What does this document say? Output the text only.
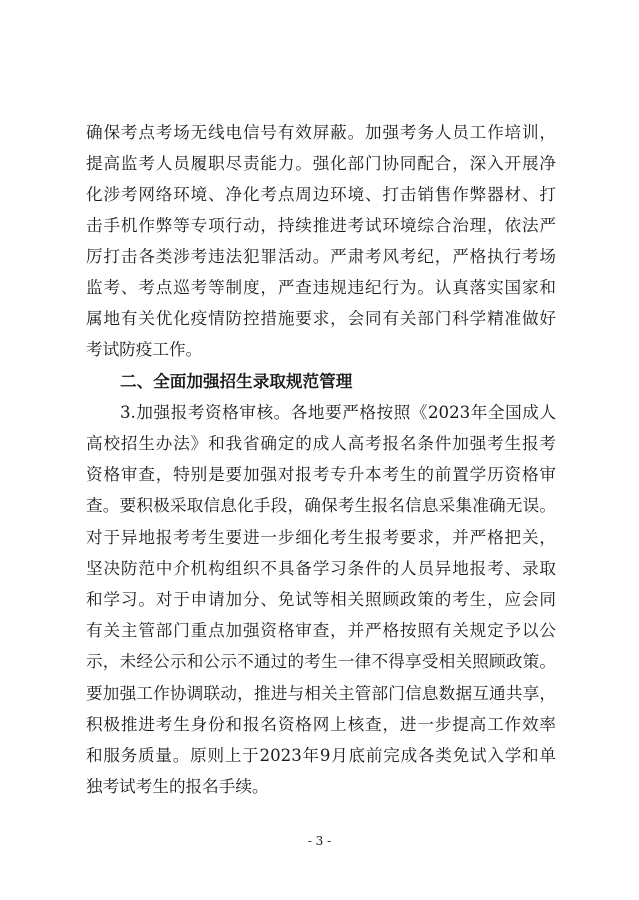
确保考点考场无线电信号有效屏蔽。加强考务人员工作培训，
提高监考人员履职尽责能力。强化部门协同配合，深入开展净
化涉考网络环境、净化考点周边环境、打击销售作弊器材、打
击手机作弊等专项行动，持续推进考试环境综合治理，依法严
厉打击各类涉考违法犯罪活动。严肃考风考纪，严格执行考场
监考、考点巡考等制度，严查违规违纪行为。认真落实国家和
属地有关优化疫情防控措施要求，会同有关部门科学精准做好
考试防疫工作。
二、全面加强招生录取规范管理
3.加强报考资格审核。各地要严格按照《2023年全国成人
高校招生办法》和我省确定的成人高考报名条件加强考生报考
资格审查，特别是要加强对报考专升本考生的前置学历资格审
查。要积极采取信息化手段，确保考生报名信息采集准确无误。
对于异地报考考生要进一步细化考生报考要求，并严格把关，
坚决防范中介机构组织不具备学习条件的人员异地报考、录取
和学习。对于申请加分、免试等相关照顾政策的考生，应会同
有关主管部门重点加强资格审查，并严格按照有关规定予以公
示，未经公示和公示不通过的考生一律不得享受相关照顾政策。
要加强工作协调联动，推进与相关主管部门信息数据互通共享，
积极推进考生身份和报名资格网上核查，进一步提高工作效率
和服务质量。原则上于2023年9月底前完成各类免试入学和单
独考试考生的报名手续。
- 3 -
